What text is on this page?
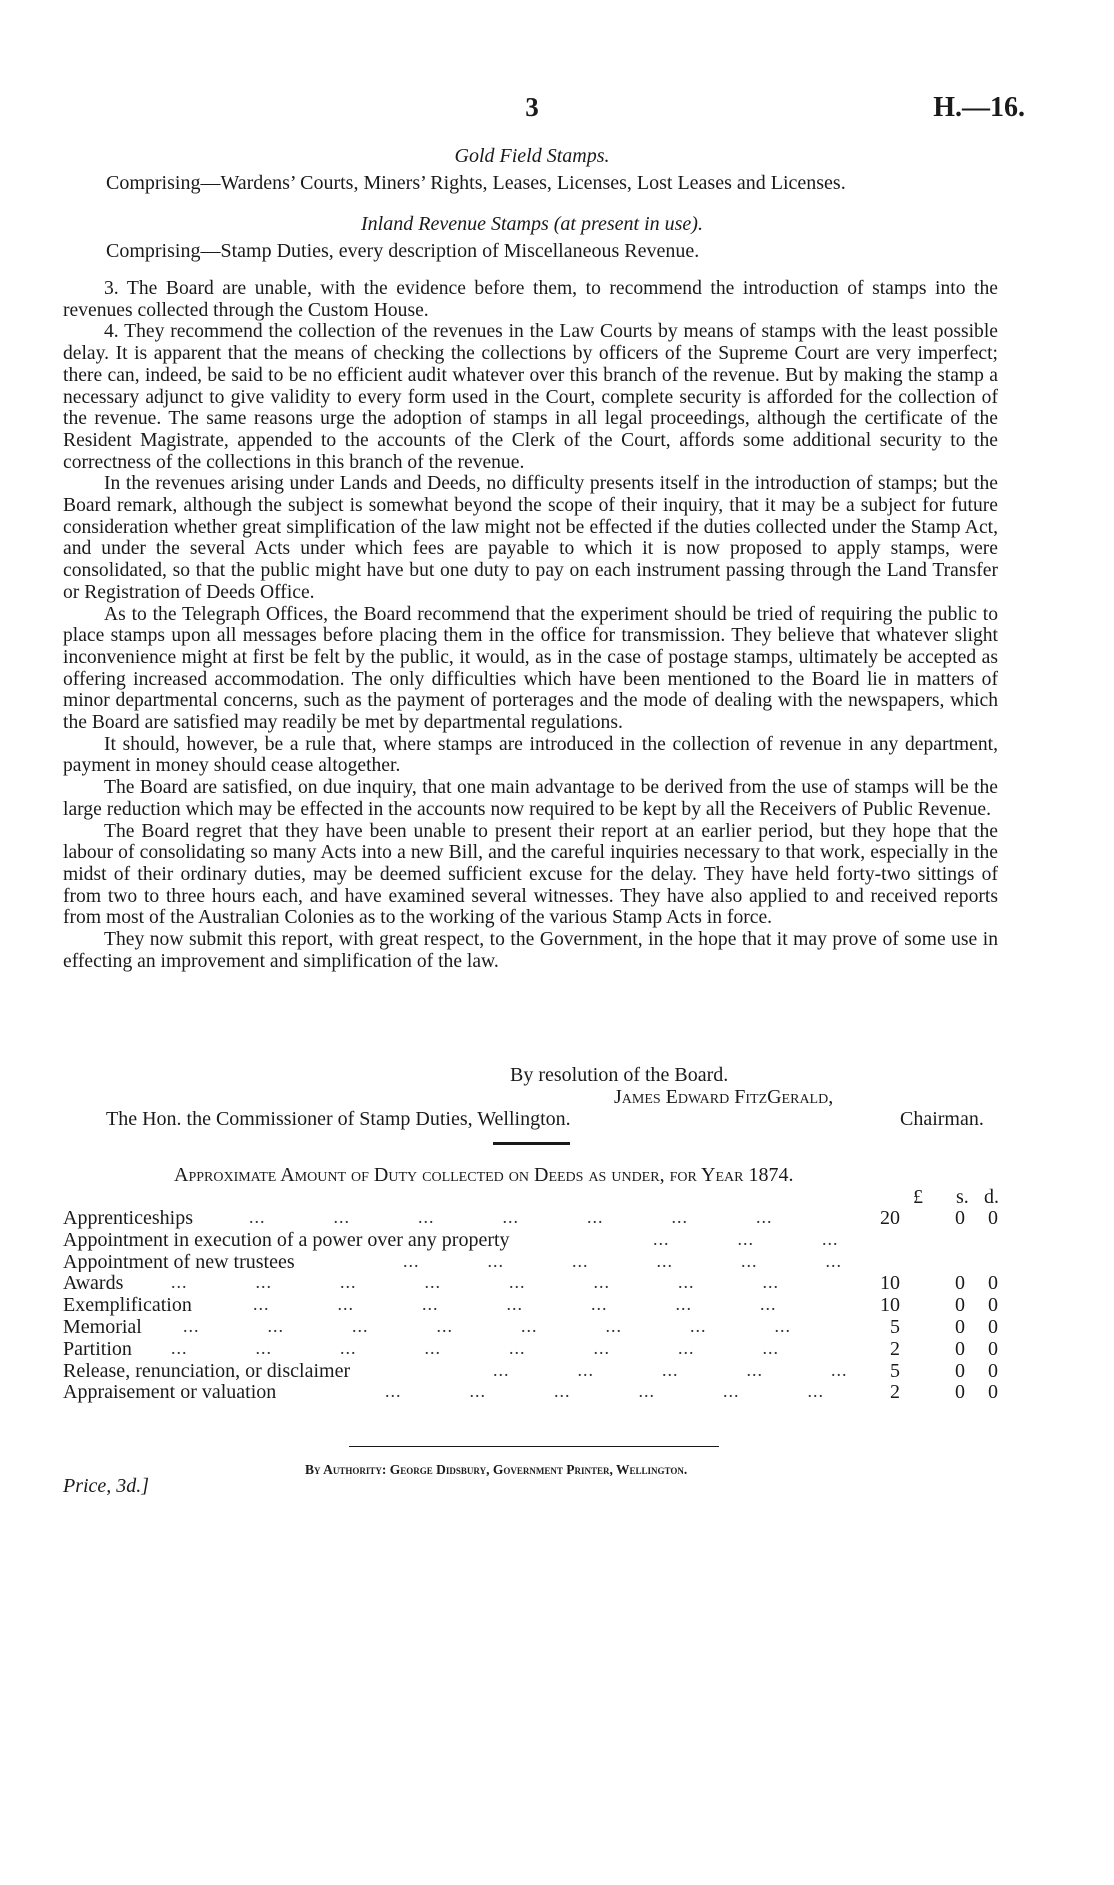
3	H.—16.
Gold Field Stamps.
Comprising—Wardens’ Courts, Miners’ Rights, Leases, Licenses, Lost Leases and Licenses.
Inland Revenue Stamps (at present in use).
Comprising—Stamp Duties, every description of Miscellaneous Revenue.

3. The Board are unable, with the evidence before them, to recommend the introduction of stamps into the revenues collected through the Custom House.

4. They recommend the collection of the revenues in the Law Courts by means of stamps with the least possible delay. It is apparent that the means of checking the collections by officers of the Supreme Court are very imperfect; there can, indeed, be said to be no efficient audit whatever over this branch of the revenue. But by making the stamp a necessary adjunct to give validity to every form used in the Court, complete security is afforded for the collection of the revenue. The same reasons urge the adoption of stamps in all legal proceedings, although the certificate of the Resident Magistrate, appended to the accounts of the Clerk of the Court, affords some additional security to the correctness of the collections in this branch of the revenue.

In the revenues arising under Lands and Deeds, no difficulty presents itself in the introduction of stamps; but the Board remark, although the subject is somewhat beyond the scope of their inquiry, that it may be a subject for future consideration whether great simplification of the law might not be effected if the duties collected under the Stamp Act, and under the several Acts under which fees are payable to which it is now proposed to apply stamps, were consolidated, so that the public might have but one duty to pay on each instrument passing through the Land Transfer or Registration of Deeds Office.

As to the Telegraph Offices, the Board recommend that the experiment should be tried of requiring the public to place stamps upon all messages before placing them in the office for transmission. They believe that whatever slight inconvenience might at first be felt by the public, it would, as in the case of postage stamps, ultimately be accepted as offering increased accommodation. The only difficulties which have been mentioned to the Board lie in matters of minor departmental concerns, such as the payment of porterages and the mode of dealing with the newspapers, which the Board are satisfied may readily be met by departmental regulations.

It should, however, be a rule that, where stamps are introduced in the collection of revenue in any department, payment in money should cease altogether.

The Board are satisfied, on due inquiry, that one main advantage to be derived from the use of stamps will be the large reduction which may be effected in the accounts now required to be kept by all the Receivers of Public Revenue.

The Board regret that they have been unable to present their report at an earlier period, but they hope that the labour of consolidating so many Acts into a new Bill, and the careful inquiries necessary to that work, especially in the midst of their ordinary duties, may be deemed sufficient excuse for the delay. They have held forty-two sittings of from two to three hours each, and have examined several witnesses. They have also applied to and received reports from most of the Australian Colonies as to the working of the various Stamp Acts in force.

They now submit this report, with great respect, to the Government, in the hope that it may prove of some use in effecting an improvement and simplification of the law.

By resolution of the Board.
James Edward FitzGerald,
The Hon. the Commissioner of Stamp Duties, Wellington.	Chairman.
Approximate Amount of Duty collected on Deeds as under, for Year 1874.
£ s. d.
...     ...     ...     ...     ...     ...     ...
Apprenticeships	20	0	0
...     ...     ...
Appointment in execution of a power over any property
...     ...     ...     ...     ...     ...
Appointment of new trustees
...     ...     ...     ...     ...     ...     ...     ...
Awards	10	0	0
...     ...     ...     ...     ...     ...     ...
Exemplification	10	0	0
...     ...     ...     ...     ...     ...     ...     ...
Memorial	5	0	0
...     ...     ...     ...     ...     ...     ...     ...
Partition	2	0	0
...     ...     ...     ...     ...
Release, renunciation, or disclaimer	5	0	0
...     ...     ...     ...     ...     ...
Appraisement or valuation	2	0	0
By Authority: George Didsbury, Government Printer, Wellington.
Price, 3d.]
